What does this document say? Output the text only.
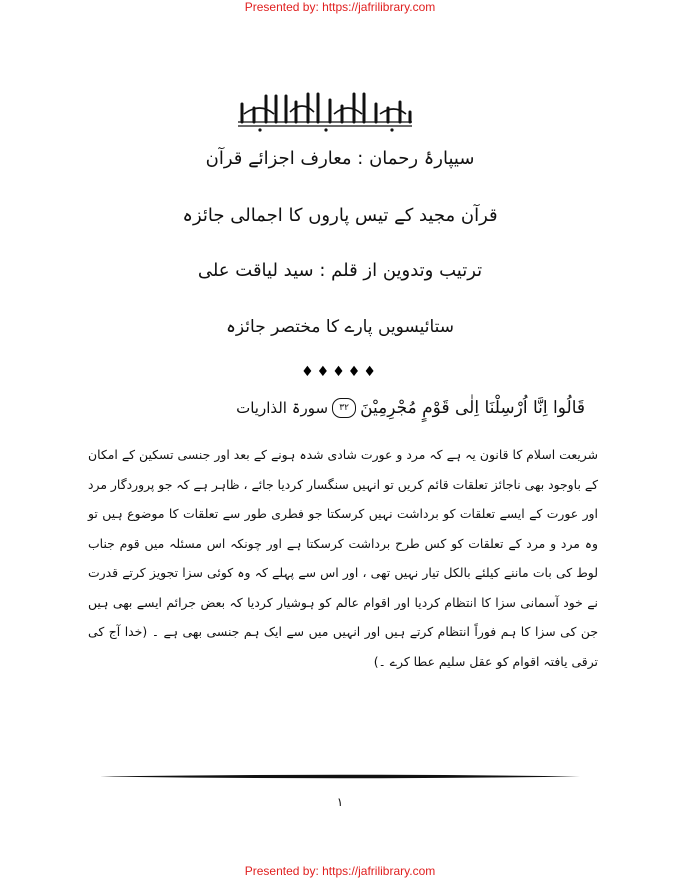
Presented by: https://jafrilibrary.com
سیپارۂ رحمان : معارف اجزائے قرآن
قرآن مجید کے تیس پاروں کا اجمالی جائزہ
ترتیب وتدوین از قلم : سید لیاقت علی
ستائیسویں پارے کا مختصر جائزہ
♦♦♦♦♦
قَالُوا اِنَّا اُرْسِلْنَا اِلٰی قَوْمٍ مُجْرِمِیْنَ
٣٢
سورۃ الذاریات
شریعت اسلام کا قانون یہ ہے کہ مرد و عورت شادی شدہ ہونے کے بعد اور جنسی تسکین کے امکان کے باوجود بھی ناجائز تعلقات قائم کریں تو انہیں سنگسار کردیا جائے ، ظاہر ہے کہ جو پروردگار مرد اور عورت کے ایسے تعلقات کو برداشت نہیں کرسکتا جو فطری طور سے تعلقات کا موضوع ہیں تو وہ مرد و مرد کے تعلقات کو کس طرح برداشت کرسکتا ہے اور چونکہ اس مسئلہ میں قوم جناب لوط کی بات ماننے کیلئے بالکل تیار نہیں تھی ، اور اس سے پہلے کہ وہ کوئی سزا تجویز کرتے قدرت نے خود آسمانی سزا کا انتظام کردیا اور اقوام عالم کو ہوشیار کردیا کہ بعض جرائم ایسے بھی ہیں جن کی سزا کا ہم فوراً انتظام کرتے ہیں اور انہیں میں سے ایک ہم جنسی بھی ہے ۔ (خدا آج کی ترقی یافتہ اقوام کو عقل سلیم عطا کرے ۔)
١
Presented by: https://jafrilibrary.com
